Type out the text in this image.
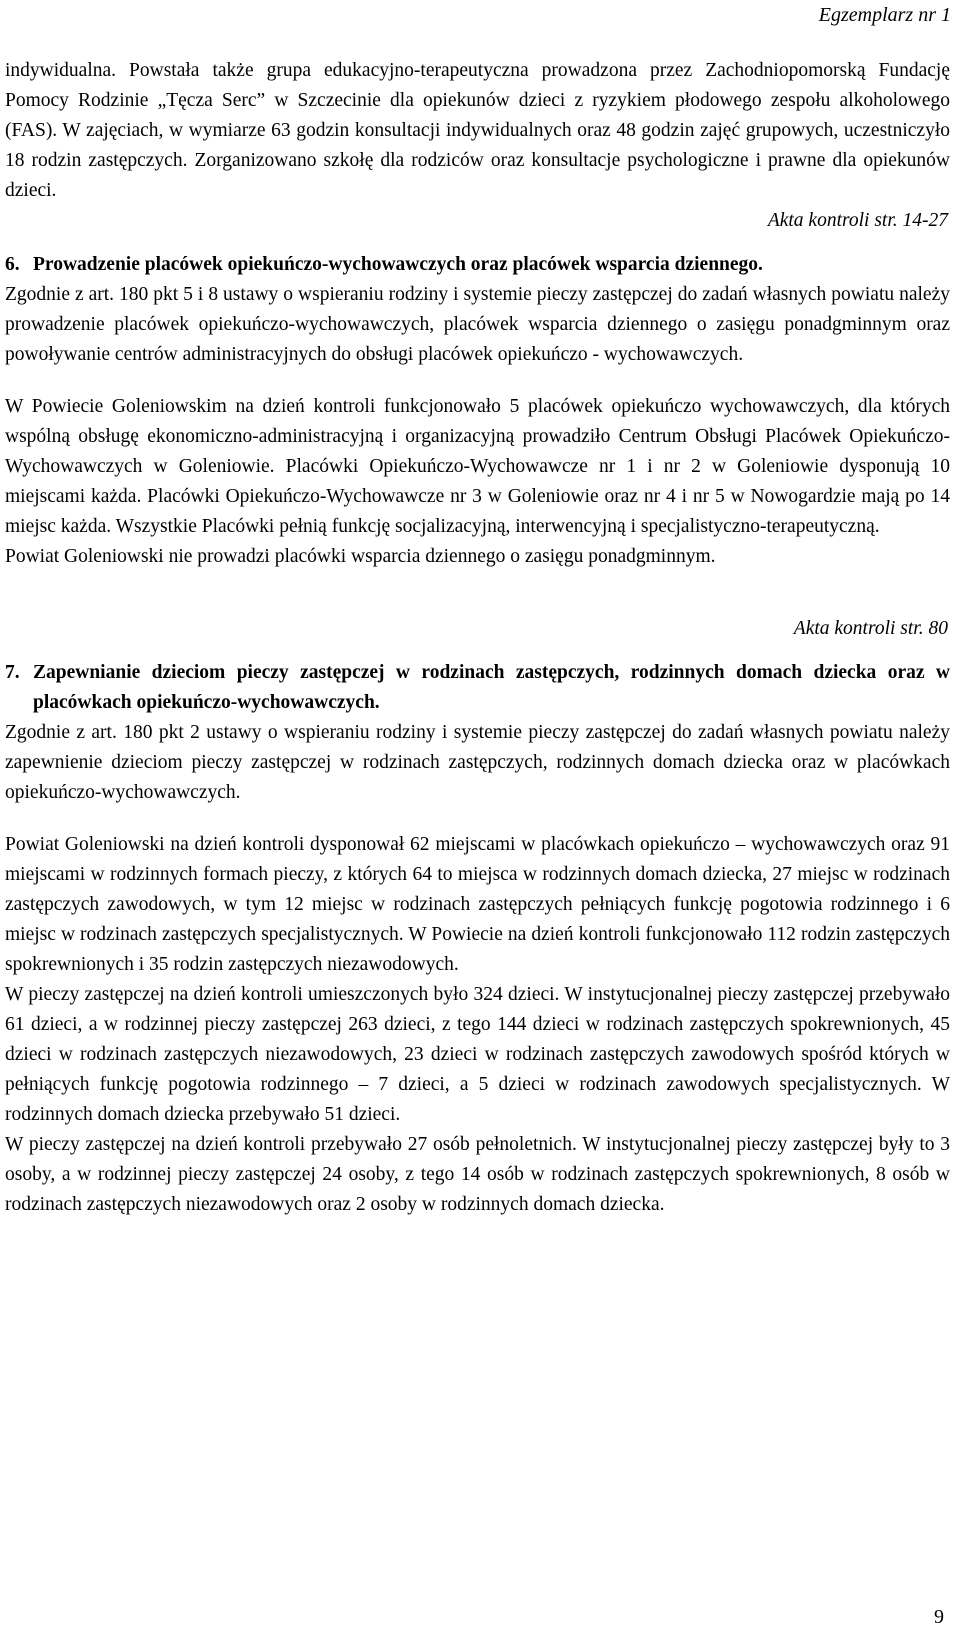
Egzemplarz nr 1

indywidualna. Powstała także grupa edukacyjno-terapeutyczna prowadzona przez Zachodniopomorską Fundację Pomocy Rodzinie „Tęcza Serc” w Szczecinie dla opiekunów dzieci z ryzykiem płodowego zespołu alkoholowego (FAS). W zajęciach, w wymiarze 63 godzin konsultacji indywidualnych oraz 48 godzin zajęć grupowych, uczestniczyło 18 rodzin zastępczych. Zorganizowano szkołę dla rodziców oraz konsultacje psychologiczne i prawne dla opiekunów dzieci.

Akta kontroli str. 14-27

6. Prowadzenie placówek opiekuńczo-wychowawczych oraz placówek wsparcia dziennego.

Zgodnie z art. 180 pkt 5 i 8 ustawy o wspieraniu rodziny i systemie pieczy zastępczej do zadań własnych powiatu należy prowadzenie placówek opiekuńczo-wychowawczych, placówek wsparcia dziennego o zasięgu ponadgminnym oraz powoływanie centrów administracyjnych do obsługi placówek opiekuńczo - wychowawczych.

W Powiecie Goleniowskim na dzień kontroli funkcjonowało 5 placówek opiekuńczo wychowawczych, dla których wspólną obsługę ekonomiczno-administracyjną i organizacyjną prowadziło Centrum Obsługi Placówek Opiekuńczo-Wychowawczych w Goleniowie. Placówki Opiekuńczo-Wychowawcze nr 1 i nr 2 w Goleniowie dysponują 10 miejscami każda. Placówki Opiekuńczo-Wychowawcze nr 3 w Goleniowie oraz nr 4 i nr 5 w Nowogardzie mają po 14 miejsc każda. Wszystkie Placówki pełnią funkcję socjalizacyjną, interwencyjną i specjalistyczno-terapeutyczną.

Powiat Goleniowski nie prowadzi placówki wsparcia dziennego o zasięgu ponadgminnym.

Akta kontroli str. 80

7. Zapewnianie dzieciom pieczy zastępczej w rodzinach zastępczych, rodzinnych domach dziecka oraz w placówkach opiekuńczo-wychowawczych.

Zgodnie z art. 180 pkt 2 ustawy o wspieraniu rodziny i systemie pieczy zastępczej do zadań własnych powiatu należy zapewnienie dzieciom pieczy zastępczej w rodzinach zastępczych, rodzinnych domach dziecka oraz w placówkach opiekuńczo-wychowawczych.

Powiat Goleniowski na dzień kontroli dysponował 62 miejscami w placówkach opiekuńczo – wychowawczych oraz 91 miejscami w rodzinnych formach pieczy, z których 64 to miejsca w rodzinnych domach dziecka, 27 miejsc w rodzinach zastępczych zawodowych, w tym 12 miejsc w rodzinach zastępczych pełniących funkcję pogotowia rodzinnego i 6 miejsc w rodzinach zastępczych specjalistycznych. W Powiecie na dzień kontroli funkcjonowało 112 rodzin zastępczych spokrewnionych i 35 rodzin zastępczych niezawodowych.

W pieczy zastępczej na dzień kontroli umieszczonych było 324 dzieci. W instytucjonalnej pieczy zastępczej przebywało 61 dzieci, a w rodzinnej pieczy zastępczej 263 dzieci, z tego 144 dzieci w rodzinach zastępczych spokrewnionych, 45 dzieci w rodzinach zastępczych niezawodowych, 23 dzieci w rodzinach zastępczych zawodowych spośród których w pełniących funkcję pogotowia rodzinnego – 7 dzieci, a 5 dzieci w rodzinach zawodowych specjalistycznych. W rodzinnych domach dziecka przebywało 51 dzieci.

W pieczy zastępczej na dzień kontroli przebywało 27 osób pełnoletnich. W instytucjonalnej pieczy zastępczej były to 3 osoby, a w rodzinnej pieczy zastępczej 24 osoby, z tego 14 osób w rodzinach zastępczych spokrewnionych, 8 osób w rodzinach zastępczych niezawodowych oraz 2 osoby w rodzinnych domach dziecka.

9
